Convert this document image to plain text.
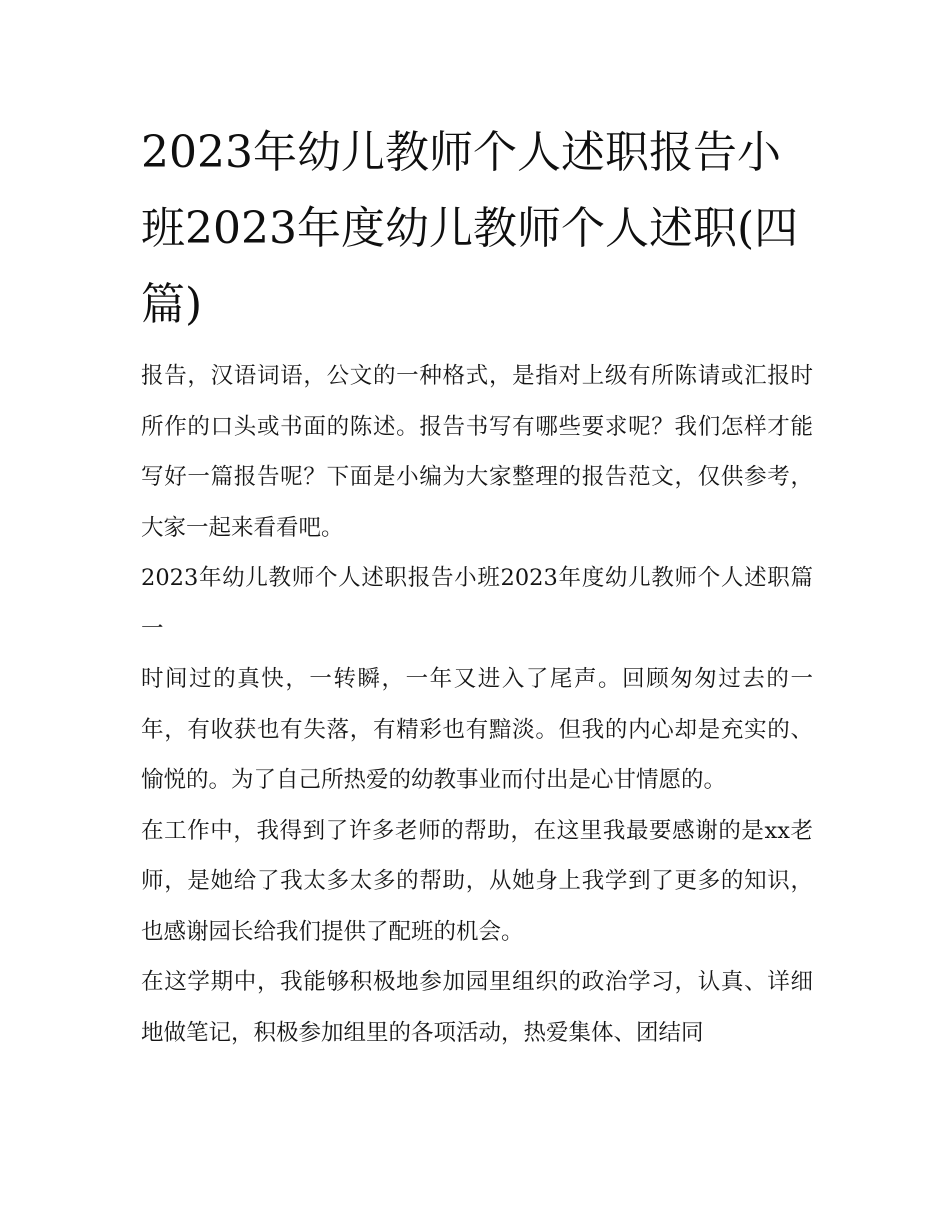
2023年幼儿教师个人述职报告小班2023年度幼儿教师个人述职(四篇)

报告，汉语词语，公文的一种格式，是指对上级有所陈请或汇报时所作的口头或书面的陈述。报告书写有哪些要求呢？我们怎样才能写好一篇报告呢？下面是小编为大家整理的报告范文，仅供参考，大家一起来看看吧。

2023年幼儿教师个人述职报告小班2023年度幼儿教师个人述职篇一

时间过的真快，一转瞬，一年又进入了尾声。回顾匆匆过去的一年，有收获也有失落，有精彩也有黯淡。但我的内心却是充实的、愉悦的。为了自己所热爱的幼教事业而付出是心甘情愿的。

在工作中，我得到了许多老师的帮助，在这里我最要感谢的是xx老师，是她给了我太多太多的帮助，从她身上我学到了更多的知识，也感谢园长给我们提供了配班的机会。

在这学期中，我能够积极地参加园里组织的政治学习，认真、详细地做笔记，积极参加组里的各项活动，热爱集体、团结同
